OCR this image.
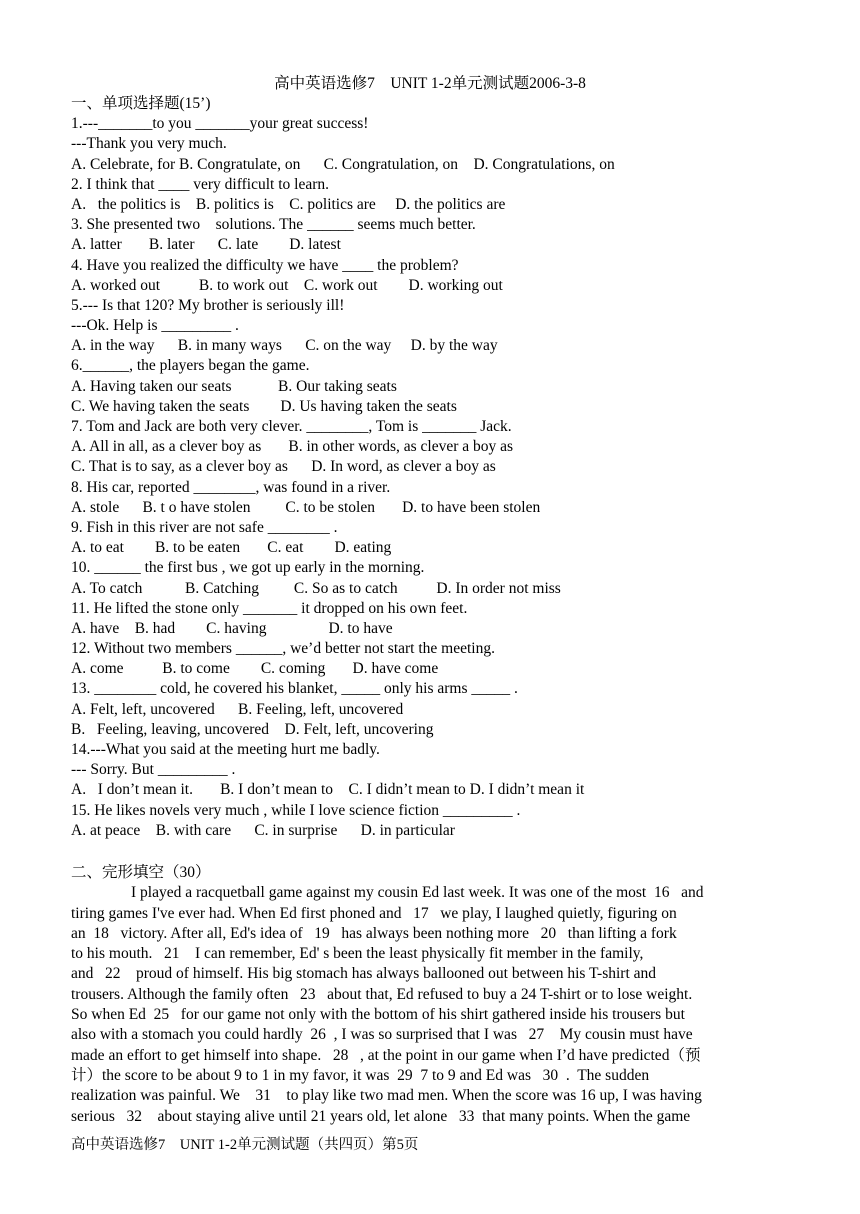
高中英语选修7　UNIT 1-2单元测试题2006-3-8
一、单项选择题(15’)
1.---_______to you _______your great success!
---Thank you very much.
A. Celebrate, for B. Congratulate, on      C. Congratulation, on    D. Congratulations, on
2. I think that ____ very difficult to learn.
A.   the politics is    B. politics is    C. politics are     D. the politics are
3. She presented two    solutions. The ______ seems much better.
A. latter       B. later      C. late        D. latest
4. Have you realized the difficulty we have ____ the problem?
A. worked out          B. to work out    C. work out        D. working out
5.--- Is that 120? My brother is seriously ill!
---Ok. Help is _________ .
A. in the way      B. in many ways      C. on the way     D. by the way
6.______, the players began the game.
A. Having taken our seats            B. Our taking seats
C. We having taken the seats        D. Us having taken the seats
7. Tom and Jack are both very clever. ________, Tom is _______ Jack.
A. All in all, as a clever boy as       B. in other words, as clever a boy as
C. That is to say, as a clever boy as      D. In word, as clever a boy as
8. His car, reported ________, was found in a river.
A. stole      B. t o have stolen         C. to be stolen       D. to have been stolen
9. Fish in this river are not safe ________ .
A. to eat        B. to be eaten       C. eat        D. eating
10. ______ the first bus , we got up early in the morning.
A. To catch           B. Catching         C. So as to catch          D. In order not miss
11. He lifted the stone only _______ it dropped on his own feet.
A. have    B. had        C. having                D. to have
12. Without two members ______, we’d better not start the meeting.
A. come          B. to come        C. coming       D. have come
13. ________ cold, he covered his blanket, _____ only his arms _____ .
A. Felt, left, uncovered      B. Feeling, left, uncovered
B.   Feeling, leaving, uncovered    D. Felt, left, uncovering
14.---What you said at the meeting hurt me badly.
--- Sorry. But _________ .
A.   I don’t mean it.       B. I don’t mean to    C. I didn’t mean to D. I didn’t mean it
15. He likes novels very much , while I love science fiction _________ .
A. at peace    B. with care      C. in surprise      D. in particular
二、完形填空（30）
I played a racquetball game against my cousin Ed last week. It was one of the most  16   and
tiring games I've ever had. When Ed first phoned and   17   we play, I laughed quietly, figuring on
an  18   victory. After all, Ed's idea of   19   has always been nothing more   20   than lifting a fork
to his mouth.   21    I can remember, Ed' s been the least physically fit member in the family,
and   22    proud of himself. His big stomach has always ballooned out between his T-shirt and
trousers. Although the family often   23   about that, Ed refused to buy a 24 T-shirt or to lose weight.
So when Ed  25   for our game not only with the bottom of his shirt gathered inside his trousers but
also with a stomach you could hardly  26  , I was so surprised that I was   27    My cousin must have
made an effort to get himself into shape.   28   , at the point in our game when I’d have predicted（预
计）the score to be about 9 to 1 in my favor, it was  29  7 to 9 and Ed was   30  .  The sudden
realization was painful. We    31    to play like two mad men. When the score was 16 up, I was having
serious   32    about staying alive until 21 years old, let alone   33  that many points. When the game
高中英语选修7　UNIT 1-2单元测试题（共四页）第5页
